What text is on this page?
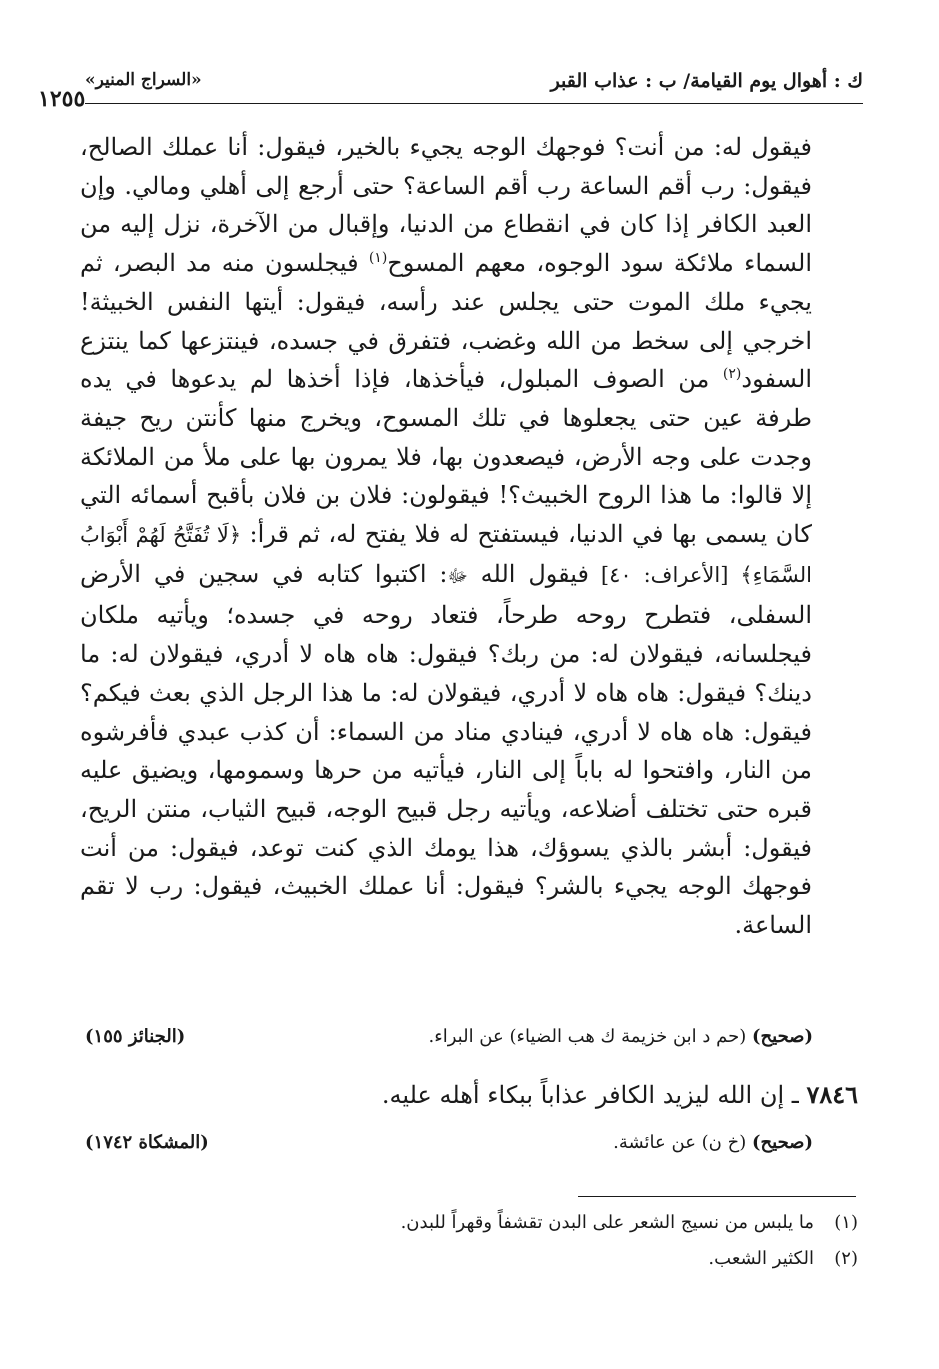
ك : أهوال يوم القيامة/ ب : عذاب القبر
«السراج المنير»
١٢٥٥

فيقول له: من أنت؟ فوجهك الوجه يجيء بالخير، فيقول: أنا عملك الصالح، فيقول: رب أقم الساعة رب أقم الساعة؟ حتى أرجع إلى أهلي ومالي. وإن العبد الكافر إذا كان في انقطاع من الدنيا، وإقبال من الآخرة، نزل إليه من السماء ملائكة سود الوجوه، معهم المسوح$^{(١)}$ فيجلسون منه مد البصر، ثم يجيء ملك الموت حتى يجلس عند رأسه، فيقول: أيتها النفس الخبيثة! اخرجي إلى سخط من الله وغضب، فتفرق في جسده، فينتزعها كما ينتزع السفود$^{(٢)}$ من الصوف المبلول، فيأخذها، فإذا أخذها لم يدعوها في يده طرفة عين حتى يجعلوها في تلك المسوح، ويخرج منها كأنتن ريح جيفة وجدت على وجه الأرض، فيصعدون بها، فلا يمرون بها على ملأ من الملائكة إلا قالوا: ما هذا الروح الخبيث؟! فيقولون: فلان بن فلان بأقبح أسمائه التي كان يسمى بها في الدنيا، فيستفتح له فلا يفتح له، ثم قرأ: ﴿لَا تُفَتَّحُ لَهُمْ أَبْوَابُ السَّمَاءِ﴾ [الأعراف: ٤٠] فيقول الله ﷻ: اكتبوا كتابه في سجين في الأرض السفلى، فتطرح روحه طرحاً، فتعاد روحه في جسده؛ ويأتيه ملكان فيجلسانه، فيقولان له: من ربك؟ فيقول: هاه هاه لا أدري، فيقولان له: ما دينك؟ فيقول: هاه هاه لا أدري، فيقولان له: ما هذا الرجل الذي بعث فيكم؟ فيقول: هاه هاه لا أدري، فينادي مناد من السماء: أن كذب عبدي فأفرشوه من النار، وافتحوا له باباً إلى النار، فيأتيه من حرها وسمومها، ويضيق عليه قبره حتى تختلف أضلاعه، ويأتيه رجل قبيح الوجه، قبيح الثياب، منتن الريح، فيقول: أبشر بالذي يسوؤك، هذا يومك الذي كنت توعد، فيقول: من أنت فوجهك الوجه يجيء بالشر؟ فيقول: أنا عملك الخبيث، فيقول: رب لا تقم الساعة.

(صحيح) (حم د ابن خزيمة ك هب الضياء) عن البراء.
(الجنائز ١٥٥)
٧٨٤٦ ـ إن الله ليزيد الكافر عذاباً ببكاء أهله عليه.
(صحيح) (خ ن) عن عائشة.
(المشكاة ١٧٤٢)
(١)ما يلبس من نسيج الشعر على البدن تقشفاً وقهراً للبدن.
(٢)الكثير الشعب.
